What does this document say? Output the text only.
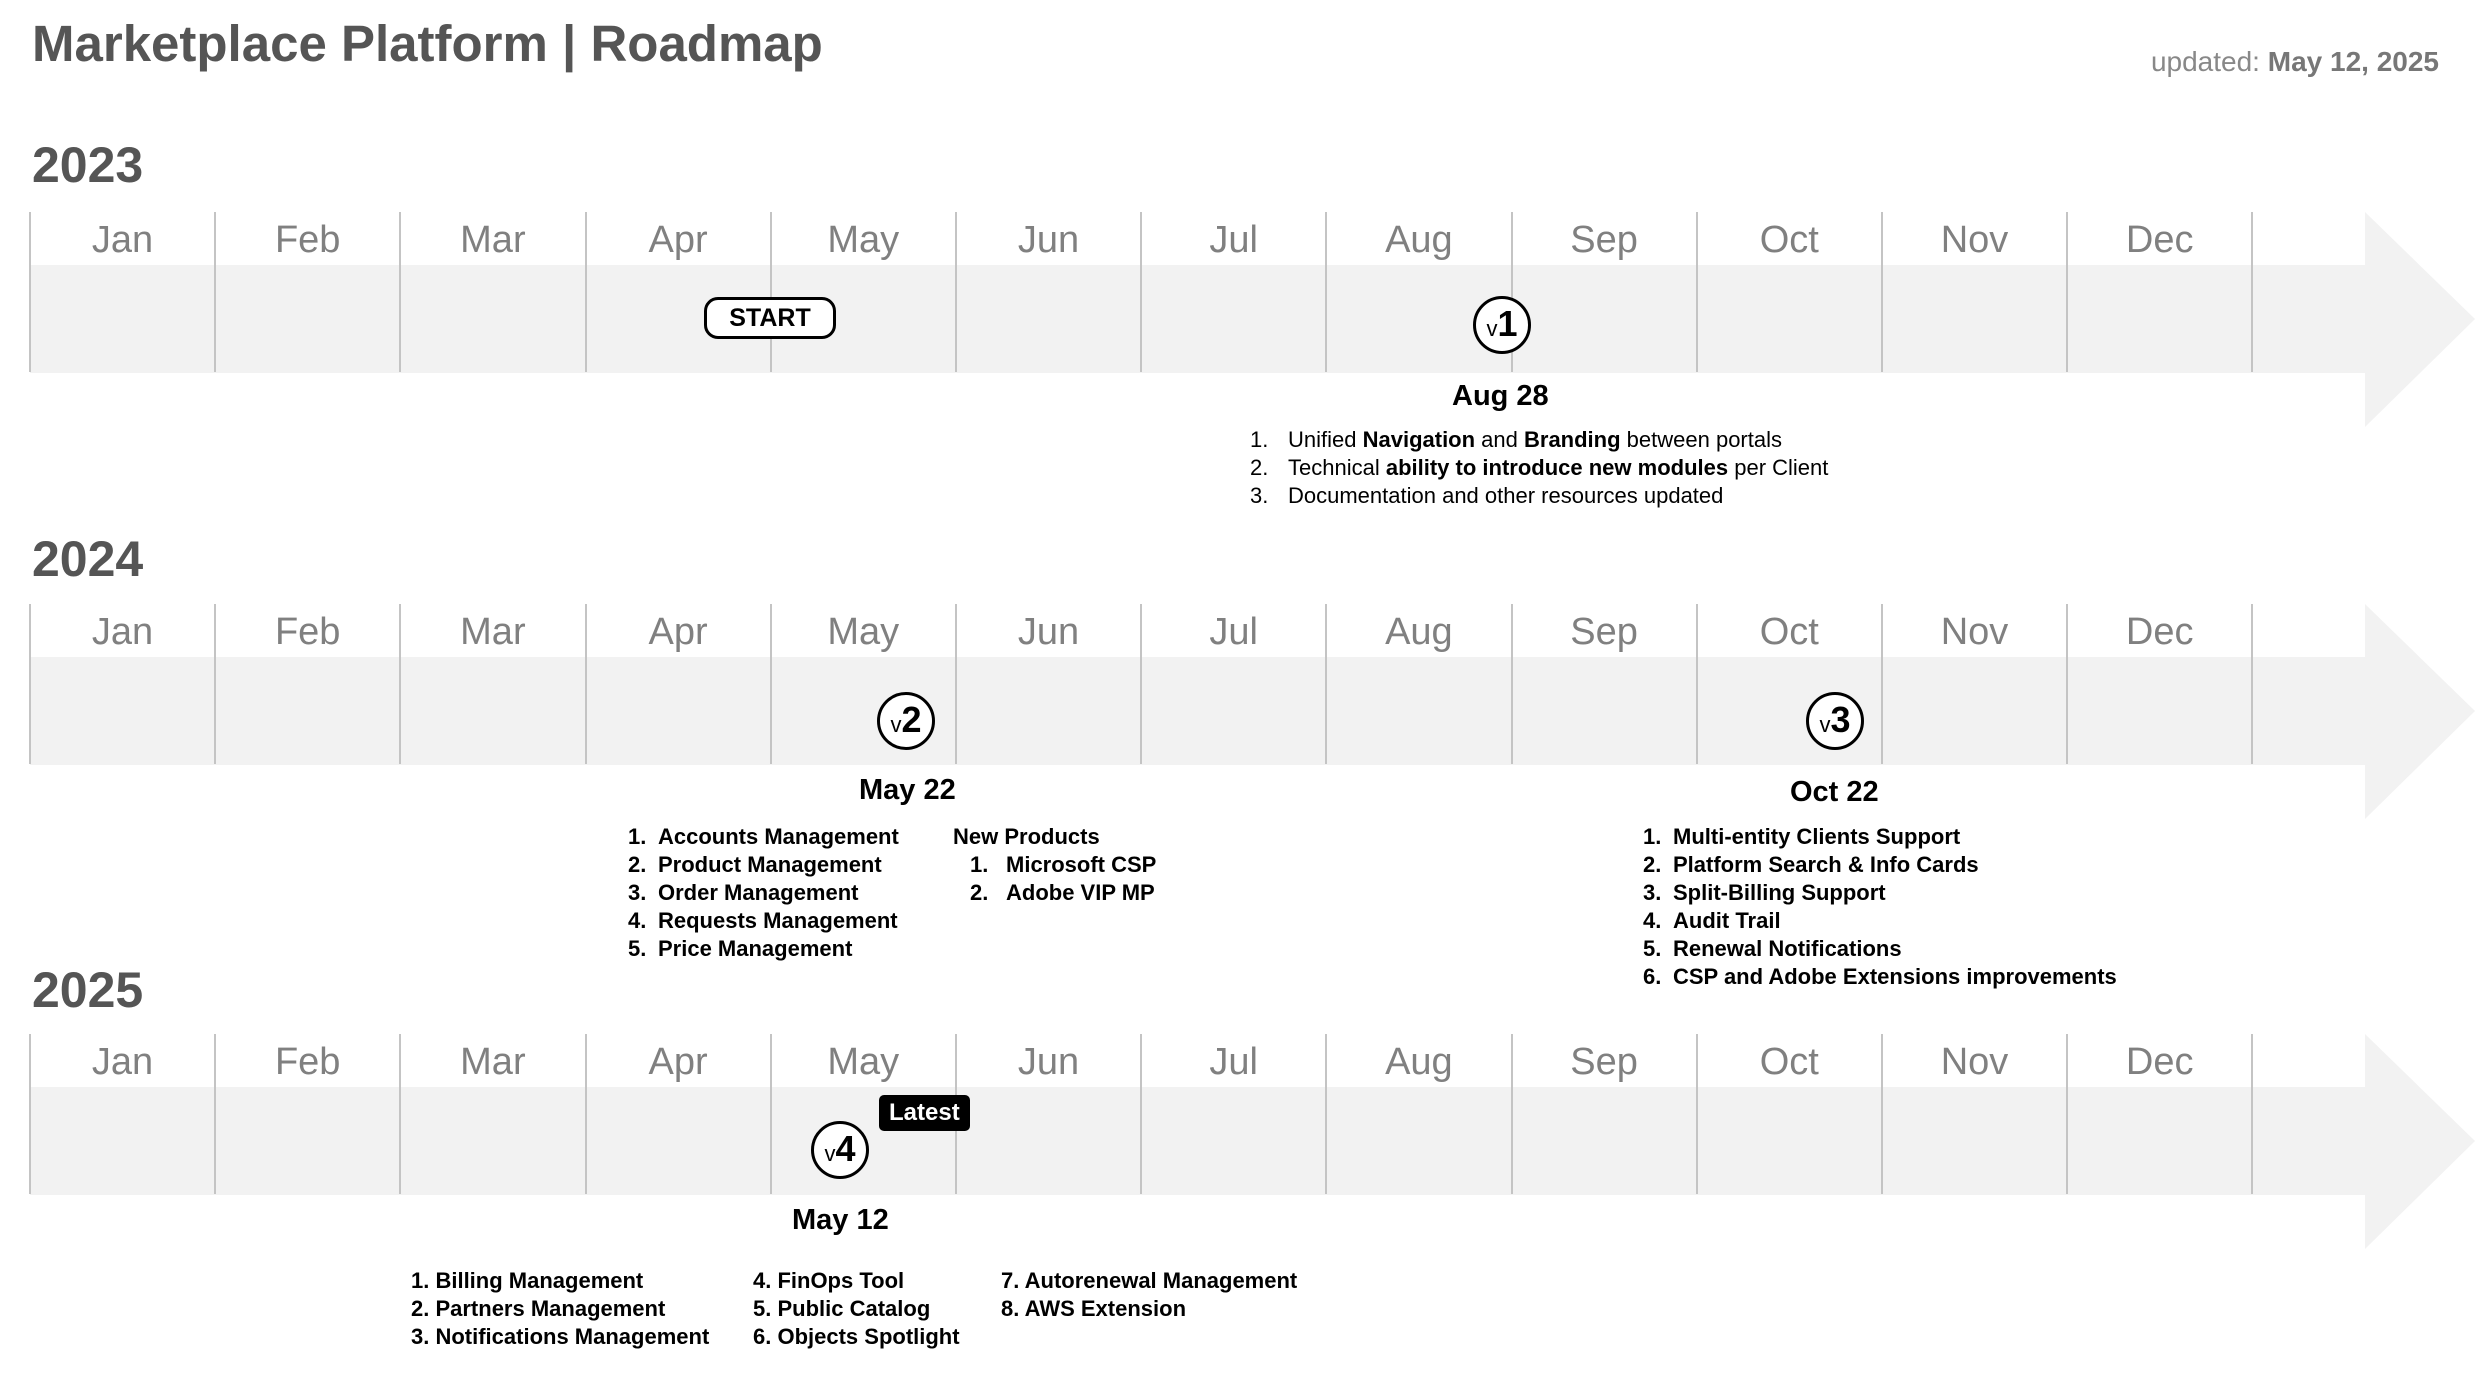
Marketplace Platform | Roadmap	updated: May 12, 2025
2023
Jan	Feb	Mar	Apr	May	Jun	Jul	Aug	Sep	Oct	Nov	Dec
START	v1
Aug 28
1. Unified Navigation and Branding between portals
2. Technical ability to introduce new modules per Client
3. Documentation and other resources updated
2024
Jan	Feb	Mar	Apr	May	Jun	Jul	Aug	Sep	Oct	Nov	Dec
v2
May 22
1. Accounts Management
2. Product Management
3. Order Management
4. Requests Management
5. Price Management
New Products
1. Microsoft CSP
2. Adobe VIP MP
v3
Oct 22
1. Multi-entity Clients Support
2. Platform Search & Info Cards
3. Split-Billing Support
4. Audit Trail
5. Renewal Notifications
6. CSP and Adobe Extensions improvements
2025
Jan	Feb	Mar	Apr	May	Jun	Jul	Aug	Sep	Oct	Nov	Dec
Latest
v4
May 12
1. Billing Management
2. Partners Management
3. Notifications Management
4. FinOps Tool
5. Public Catalog
6. Objects Spotlight
7. Autorenewal Management
8. AWS Extension
